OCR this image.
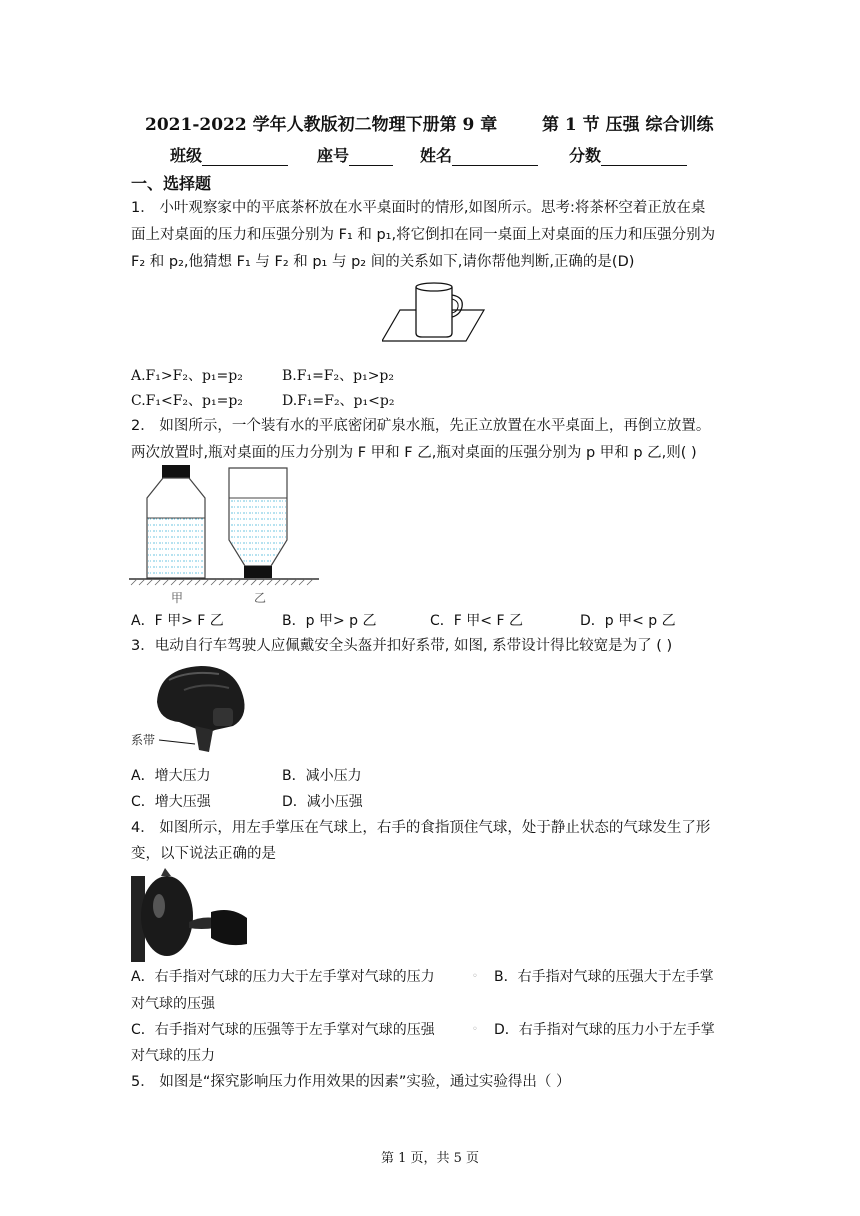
2021-2022 学年人教版初二物理下册第 9 章	第 1 节 压强 综合训练
班级	座号	姓名	分数
一、选择题
1． 小叶观察家中的平底茶杯放在水平桌面时的情形,如图所示。思考:将茶杯空着正放在桌
面上对桌面的压力和压强分别为 F₁ 和 p₁,将它倒扣在同一桌面上对桌面的压力和压强分别为
F₂ 和 p₂,他猜想 F₁ 与 F₂ 和 p₁ 与 p₂ 间的关系如下,请你帮他判断,正确的是(D)
A.F₁>F₂、p₁=p₂	B.F₁=F₂、p₁>p₂
C.F₁<F₂、p₁=p₂	D.F₁=F₂、p₁<p₂
2． 如图所示，一个装有水的平底密闭矿泉水瓶，先正立放置在水平桌面上，再倒立放置。
两次放置时,瓶对桌面的压力分别为 F 甲和 F 乙,瓶对桌面的压强分别为 p 甲和 p 乙,则( )
甲	乙
A．F 甲> F 乙	B．p 甲> p 乙	C．F 甲< F 乙	D．p 甲< p 乙
3．电动自行车驾驶人应佩戴安全头盔并扣好系带, 如图, 系带设计得比较宽是为了 ( )
系带
A．增大压力	B．减小压力
C．增大压强	D．减小压强
4． 如图所示，用左手掌压在气球上，右手的食指顶住气球，处于静止状态的气球发生了形
变，以下说法正确的是
A．右手指对气球的压力大于左手掌对气球的压力	◦ B．右手指对气球的压强大于左手掌
对气球的压强
C．右手指对气球的压强等于左手掌对气球的压强	◦ D．右手指对气球的压力小于左手掌
对气球的压力
5． 如图是“探究影响压力作用效果的因素”实验，通过实验得出（ ）
第 1 页，共 5 页
